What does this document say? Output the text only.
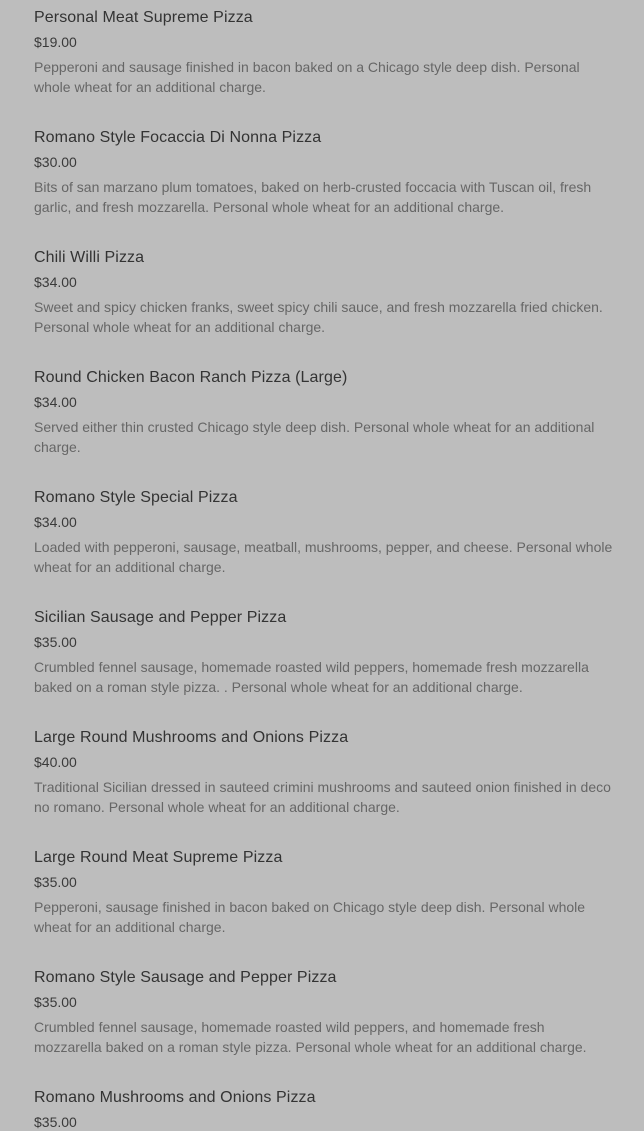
Personal Meat Supreme Pizza
$19.00
Pepperoni and sausage finished in bacon baked on a Chicago style deep dish. Personal whole wheat for an additional charge.
Romano Style Focaccia Di Nonna Pizza
$30.00
Bits of san marzano plum tomatoes, baked on herb-crusted foccacia with Tuscan oil, fresh garlic, and fresh mozzarella. Personal whole wheat for an additional charge.
Chili Willi Pizza
$34.00
Sweet and spicy chicken franks, sweet spicy chili sauce, and fresh mozzarella fried chicken. Personal whole wheat for an additional charge.
Round Chicken Bacon Ranch Pizza (Large)
$34.00
Served either thin crusted Chicago style deep dish. Personal whole wheat for an additional charge.
Romano Style Special Pizza
$34.00
Loaded with pepperoni, sausage, meatball, mushrooms, pepper, and cheese. Personal whole wheat for an additional charge.
Sicilian Sausage and Pepper Pizza
$35.00
Crumbled fennel sausage, homemade roasted wild peppers, homemade fresh mozzarella baked on a roman style pizza. . Personal whole wheat for an additional charge.
Large Round Mushrooms and Onions Pizza
$40.00
Traditional Sicilian dressed in sauteed crimini mushrooms and sauteed onion finished in deco no romano. Personal whole wheat for an additional charge.
Large Round Meat Supreme Pizza
$35.00
Pepperoni, sausage finished in bacon baked on Chicago style deep dish. Personal whole wheat for an additional charge.
Romano Style Sausage and Pepper Pizza
$35.00
Crumbled fennel sausage, homemade roasted wild peppers, and homemade fresh mozzarella baked on a roman style pizza. Personal whole wheat for an additional charge.
Romano Mushrooms and Onions Pizza
$35.00
